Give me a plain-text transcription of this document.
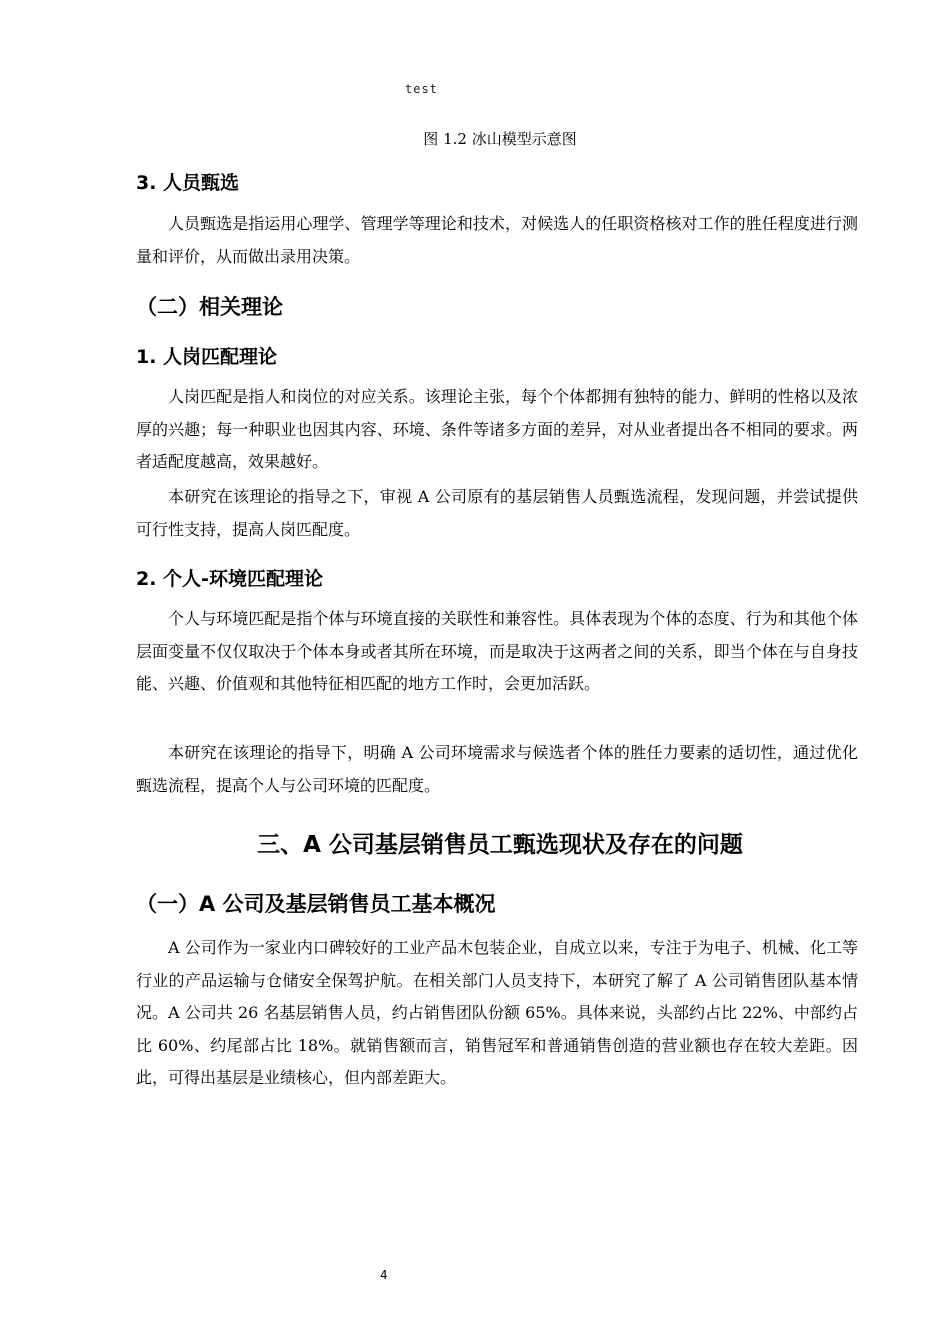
test
图 1.2 冰山模型示意图
3. 人员甄选

人员甄选是指运用心理学、管理学等理论和技术，对候选人的任职资格核对工作的胜任程度进行测量和评价，从而做出录用决策。

（二）相关理论
1. 人岗匹配理论

人岗匹配是指人和岗位的对应关系。该理论主张，每个个体都拥有独特的能力、鲜明的性格以及浓厚的兴趣；每一种职业也因其内容、环境、条件等诸多方面的差异，对从业者提出各不相同的要求。两者适配度越高，效果越好。

本研究在该理论的指导之下，审视 A 公司原有的基层销售人员甄选流程，发现问题，并尝试提供可行性支持，提高人岗匹配度。

2. 个人-环境匹配理论

个人与环境匹配是指个体与环境直接的关联性和兼容性。具体表现为个体的态度、行为和其他个体层面变量不仅仅取决于个体本身或者其所在环境，而是取决于这两者之间的关系，即当个体在与自身技能、兴趣、价值观和其他特征相匹配的地方工作时，会更加活跃。

本研究在该理论的指导下，明确 A 公司环境需求与候选者个体的胜任力要素的适切性，通过优化甄选流程，提高个人与公司环境的匹配度。

三、A 公司基层销售员工甄选现状及存在的问题
（一）A 公司及基层销售员工基本概况

A 公司作为一家业内口碑较好的工业产品木包装企业，自成立以来，专注于为电子、机械、化工等行业的产品运输与仓储安全保驾护航。在相关部门人员支持下，本研究了解了 A 公司销售团队基本情况。A 公司共 26 名基层销售人员，约占销售团队份额 65%。具体来说，头部约占比 22%、中部约占比 60%、约尾部占比 18%。就销售额而言，销售冠军和普通销售创造的营业额也存在较大差距。因此，可得出基层是业绩核心，但内部差距大。

4
